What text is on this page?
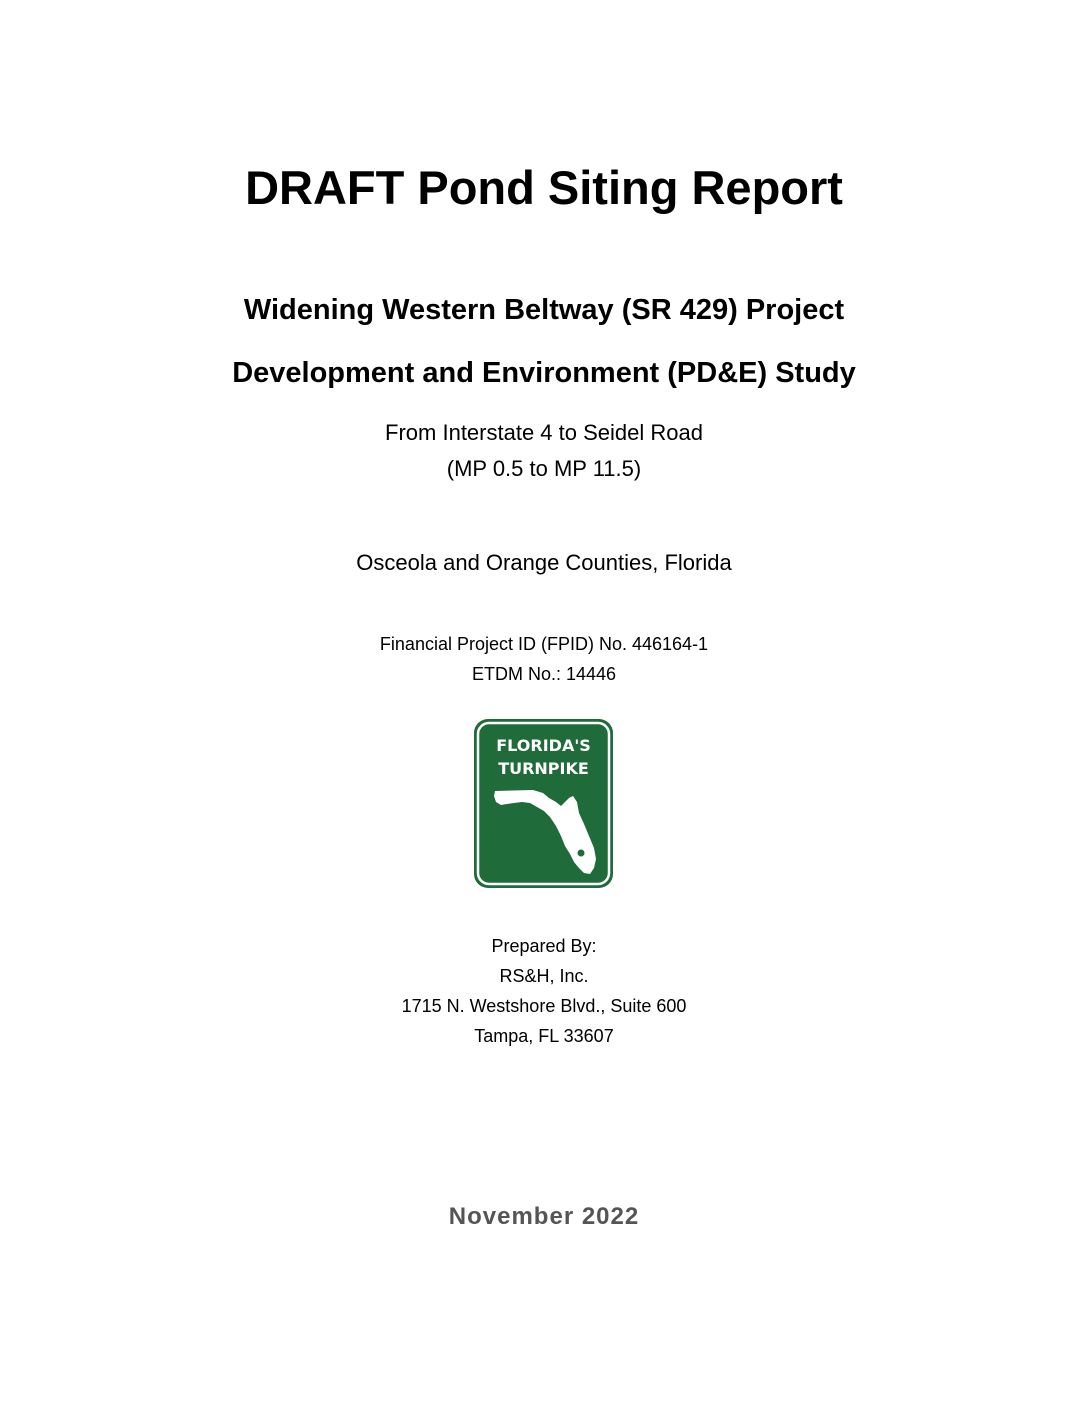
DRAFT Pond Siting Report
Widening Western Beltway (SR 429) Project
Development and Environment (PD&E) Study
From Interstate 4 to Seidel Road
(MP 0.5 to MP 11.5)
Osceola and Orange Counties, Florida
Financial Project ID (FPID) No. 446164-1
ETDM No.: 14446
FLORIDA'S
TURNPIKE
Prepared By:
RS&H, Inc.
1715 N. Westshore Blvd., Suite 600
Tampa, FL 33607
November 2022
